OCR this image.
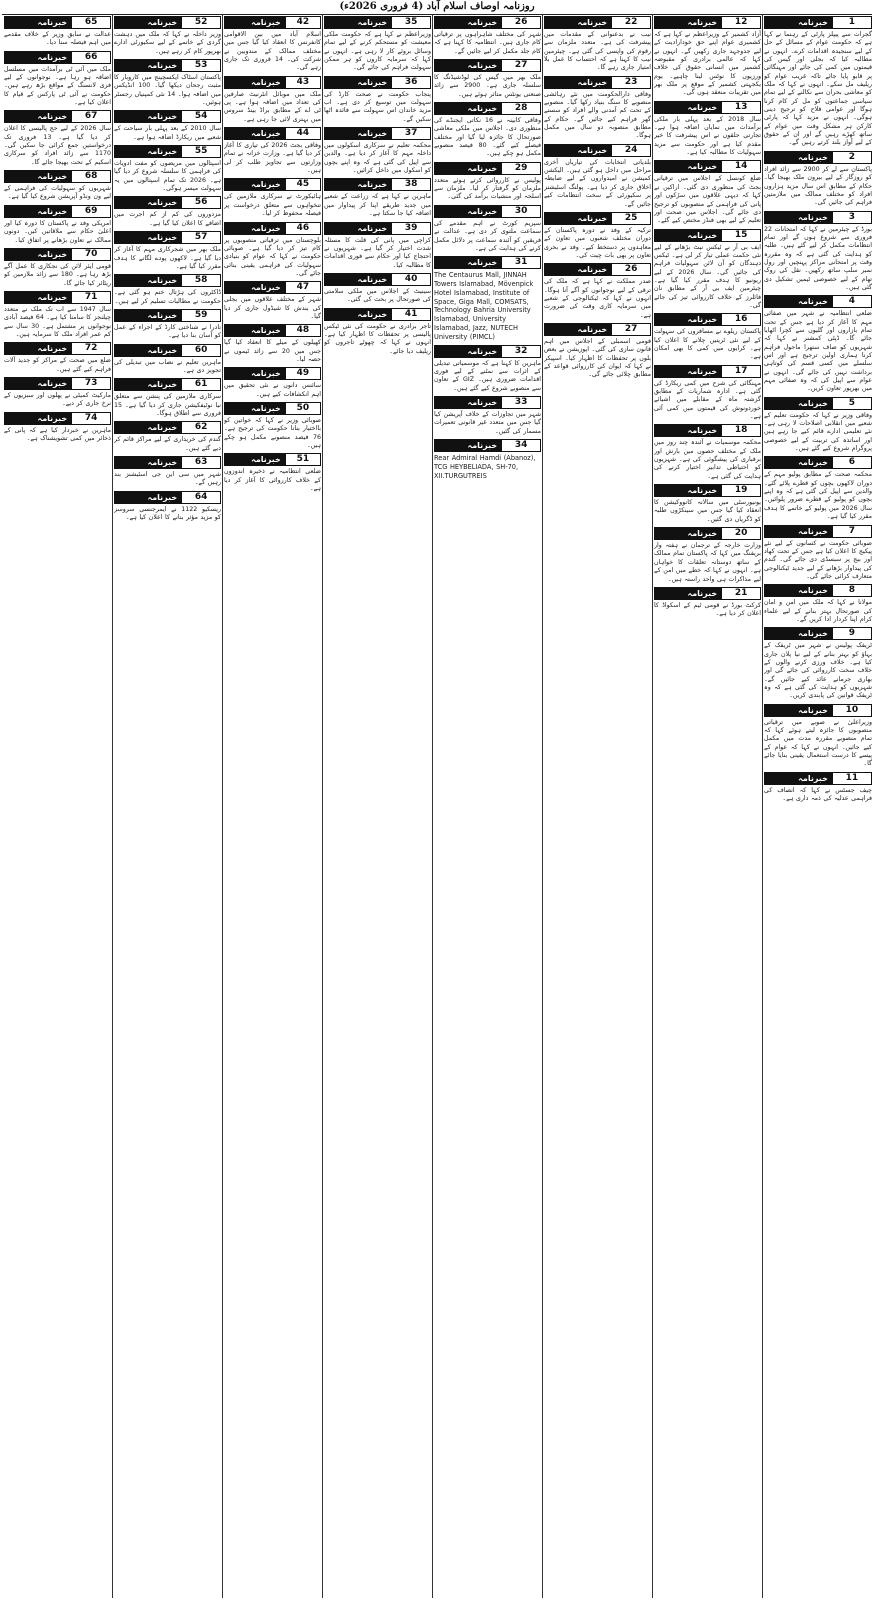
روزنامہ اوصاف اسلام آباد (4 فروری 2026ء)
خبرنامہ	1
گجرات سے پیپلز پارٹی کے رہنما نے کہا ہے کہ حکومت عوام کے مسائل کے حل کے لیے سنجیدہ اقدامات کرے۔ انہوں نے مطالبہ کیا کہ بجلی اور گیس کی قیمتوں میں کمی کی جائے اور مہنگائی پر قابو پایا جائے تاکہ غریب عوام کو ریلیف مل سکے۔ انہوں نے کہا کہ ملک کو معاشی بحران سے نکالنے کے لیے تمام سیاسی جماعتوں کو مل کر کام کرنا ہوگا اور عوامی فلاح کو ترجیح دینی ہوگی۔ انہوں نے مزید کہا کہ پارٹی کارکن ہر مشکل وقت میں عوام کے ساتھ کھڑے رہیں گے اور ان کے حقوق کے لیے آواز بلند کرتے رہیں گے۔
خبرنامہ	2
پاکستان سے لے کر 2900 سے زائد افراد کو روزگار کے لیے بیرون ملک بھیجا گیا۔ حکام کے مطابق اس سال مزید ہزاروں افراد کو مختلف ممالک میں ملازمتیں فراہم کی جائیں گی۔
خبرنامہ	3
بورڈ کے چیئرمین نے کہا کہ امتحانات 22 فروری سے شروع ہوں گے اور تمام انتظامات مکمل کر لیے گئے ہیں۔ طلبہ کو ہدایت کی گئی ہے کہ وہ مقررہ وقت پر امتحانی مراکز پہنچیں اور رول نمبر سلپ ساتھ رکھیں۔ نقل کی روک تھام کے لیے خصوصی ٹیمیں تشکیل دی گئی ہیں۔
خبرنامہ	4
ضلعی انتظامیہ نے شہر میں صفائی مہم کا آغاز کر دیا ہے جس کے تحت تمام بازاروں اور گلیوں سے کچرا اٹھایا جائے گا۔ ڈپٹی کمشنر نے کہا کہ شہریوں کو صاف ستھرا ماحول فراہم کرنا ہماری اولین ترجیح ہے اور اس سلسلے میں کسی قسم کی کوتاہی برداشت نہیں کی جائے گی۔ انہوں نے عوام سے اپیل کی کہ وہ صفائی مہم میں بھرپور تعاون کریں۔
خبرنامہ	5
وفاقی وزیر نے کہا کہ حکومت تعلیم کے شعبے میں انقلابی اصلاحات لا رہی ہے۔ نئے تعلیمی ادارے قائم کیے جا رہے ہیں اور اساتذہ کی تربیت کے لیے خصوصی پروگرام شروع کیے گئے ہیں۔
خبرنامہ	6
محکمہ صحت کے مطابق پولیو مہم کے دوران لاکھوں بچوں کو قطرے پلائے گئے۔ والدین سے اپیل کی گئی ہے کہ وہ اپنے بچوں کو پولیو کے قطرے ضرور پلوائیں۔ سال 2026 میں پولیو کے خاتمے کا ہدف مقرر کیا گیا ہے۔
خبرنامہ	7
صوبائی حکومت نے کسانوں کے لیے نئے پیکیج کا اعلان کیا ہے جس کے تحت کھاد اور بیج پر سبسڈی دی جائے گی۔ گندم کی پیداوار بڑھانے کے لیے جدید ٹیکنالوجی متعارف کرائی جائے گی۔
خبرنامہ	8
مولانا نے کہا کہ ملک میں امن و امان کی صورتحال بہتر بنانے کے لیے علماء کرام اپنا کردار ادا کریں گے۔
خبرنامہ	9
ٹریفک پولیس نے شہر میں ٹریفک کے بہاؤ کو بہتر بنانے کے لیے نیا پلان جاری کیا ہے۔ خلاف ورزی کرنے والوں کے خلاف سخت کارروائی کی جائے گی اور بھاری جرمانے عائد کیے جائیں گے۔ شہریوں کو ہدایت کی گئی ہے کہ وہ ٹریفک قوانین کی پابندی کریں۔
خبرنامہ	10
وزیراعلیٰ نے صوبے میں ترقیاتی منصوبوں کا جائزہ لیتے ہوئے کہا کہ تمام منصوبے مقررہ مدت میں مکمل کیے جائیں۔ انہوں نے کہا کہ عوام کے پیسے کا درست استعمال یقینی بنایا جائے گا۔
خبرنامہ	11
چیف جسٹس نے کہا کہ انصاف کی فراہمی عدلیہ کی ذمہ داری ہے۔
خبرنامہ	12
آزاد کشمیر کے وزیراعظم نے کہا ہے کہ کشمیری عوام اپنے حق خودارادیت کے لیے جدوجہد جاری رکھیں گے۔ انہوں نے کہا کہ عالمی برادری کو مقبوضہ کشمیر میں انسانی حقوق کی خلاف ورزیوں کا نوٹس لینا چاہیے۔ یوم یکجہتی کشمیر کے موقع پر ملک بھر میں تقریبات منعقد ہوں گی۔
خبرنامہ	13
سال 2018 کے بعد پہلی بار ملکی برآمدات میں نمایاں اضافہ ہوا ہے۔ تجارتی حلقوں نے اس پیشرفت کا خیر مقدم کیا ہے اور حکومت سے مزید سہولیات کا مطالبہ کیا ہے۔
خبرنامہ	14
ضلع کونسل کے اجلاس میں ترقیاتی بجٹ کی منظوری دی گئی۔ اراکین نے کہا کہ دیہی علاقوں میں سڑکوں اور پانی کی فراہمی کے منصوبوں کو ترجیح دی جائے گی۔ اجلاس میں صحت اور تعلیم کے لیے بھی فنڈز مختص کیے گئے۔
خبرنامہ	15
ایف بی آر نے ٹیکس نیٹ بڑھانے کے لیے نئی حکمت عملی تیار کر لی ہے۔ ٹیکس دہندگان کو آن لائن سہولیات فراہم کی جائیں گی۔ سال 2026 کے لیے ریونیو کا ہدف مقرر کیا گیا ہے۔ چیئرمین ایف بی آر کے مطابق نان فائلرز کے خلاف کارروائی تیز کی جائے گی۔
خبرنامہ	16
پاکستان ریلوے نے مسافروں کی سہولت کے لیے نئی ٹرینیں چلانے کا اعلان کیا ہے۔ کرایوں میں کمی کا بھی امکان ہے۔
خبرنامہ	17
مہنگائی کی شرح میں کمی ریکارڈ کی گئی ہے۔ ادارہ شماریات کے مطابق گزشتہ ماہ کے مقابلے میں اشیائے خوردونوش کی قیمتوں میں کمی آئی ہے۔
خبرنامہ	18
محکمہ موسمیات نے آئندہ چند روز میں ملک کے مختلف حصوں میں بارش اور برفباری کی پیشگوئی کی ہے۔ شہریوں کو احتیاطی تدابیر اختیار کرنے کی ہدایت کی گئی ہے۔
خبرنامہ	19
یونیورسٹی میں سالانہ کانووکیشن کا انعقاد کیا گیا جس میں سینکڑوں طلبہ کو ڈگریاں دی گئیں۔
خبرنامہ	20
وزارت خارجہ کے ترجمان نے ہفتہ وار بریفنگ میں کہا کہ پاکستان تمام ممالک کے ساتھ دوستانہ تعلقات کا خواہاں ہے۔ انہوں نے کہا کہ خطے میں امن کے لیے مذاکرات ہی واحد راستہ ہیں۔
خبرنامہ	21
کرکٹ بورڈ نے قومی ٹیم کے اسکواڈ کا اعلان کر دیا ہے۔
خبرنامہ	22
نیب نے بدعنوانی کے مقدمات میں پیشرفت کی ہے۔ متعدد ملزمان سے رقوم کی واپسی کی گئی ہے۔ چیئرمین نیب کا کہنا ہے کہ احتساب کا عمل بلا امتیاز جاری رہے گا۔
خبرنامہ	23
وفاقی دارالحکومت میں نئے رہائشی منصوبے کا سنگ بنیاد رکھا گیا۔ منصوبے کے تحت کم آمدنی والے افراد کو سستے گھر فراہم کیے جائیں گے۔ حکام کے مطابق منصوبہ دو سال میں مکمل ہوگا۔
خبرنامہ	24
بلدیاتی انتخابات کی تیاریاں آخری مراحل میں داخل ہو گئی ہیں۔ الیکشن کمیشن نے امیدواروں کے لیے ضابطہ اخلاق جاری کر دیا ہے۔ پولنگ اسٹیشنز پر سکیورٹی کے سخت انتظامات کیے جائیں گے۔
خبرنامہ	25
ترکیہ کے وفد نے دورہ پاکستان کے دوران مختلف شعبوں میں تعاون کے معاہدوں پر دستخط کیے۔ وفد نے بحری تعاون پر بھی بات چیت کی۔
خبرنامہ	26
صدر مملکت نے کہا ہے کہ ملک کی ترقی کے لیے نوجوانوں کو آگے آنا ہوگا۔ انہوں نے کہا کہ ٹیکنالوجی کے شعبے میں سرمایہ کاری وقت کی ضرورت ہے۔
خبرنامہ	27
قومی اسمبلی کے اجلاس میں اہم قانون سازی کی گئی۔ اپوزیشن نے بعض بلوں پر تحفظات کا اظہار کیا۔ اسپیکر نے کہا کہ ایوان کی کارروائی قواعد کے مطابق چلائی جائے گی۔
خبرنامہ	26
شہر کی مختلف شاہراہوں پر ترقیاتی کام جاری ہیں۔ انتظامیہ کا کہنا ہے کہ کام جلد مکمل کر لیے جائیں گے۔
خبرنامہ	27
ملک بھر میں گیس کی لوڈشیڈنگ کا سلسلہ جاری ہے۔ 2900 سے زائد صنعتی یونٹس متاثر ہوئے ہیں۔
خبرنامہ	28
وفاقی کابینہ نے 16 نکاتی ایجنڈے کی منظوری دی۔ اجلاس میں ملکی معاشی صورتحال کا جائزہ لیا گیا اور مختلف فیصلے کیے گئے۔ 80 فیصد منصوبے مکمل ہو چکے ہیں۔
خبرنامہ	29
پولیس نے کارروائی کرتے ہوئے متعدد ملزمان کو گرفتار کر لیا۔ ملزمان سے اسلحہ اور منشیات برآمد کی گئی۔
خبرنامہ	30
سپریم کورٹ نے اہم مقدمے کی سماعت ملتوی کر دی ہے۔ عدالت نے فریقین کو آئندہ سماعت پر دلائل مکمل کرنے کی ہدایت کی ہے۔
خبرنامہ	31
The Centaurus Mall, JINNAH Towers Islamabad, Mövenpick Hotel Islamabad, Institute of Space, Giga Mall, COMSATS, Technology Bahria University Islamabad, University Islamabad, Jazz, NUTECH University (PIMCL)
خبرنامہ	32
ماہرین کا کہنا ہے کہ موسمیاتی تبدیلی کے اثرات سے نمٹنے کے لیے فوری اقدامات ضروری ہیں۔ GIZ کے تعاون سے منصوبے شروع کیے گئے ہیں۔
خبرنامہ	33
شہر میں تجاوزات کے خلاف آپریشن کیا گیا جس میں متعدد غیر قانونی تعمیرات مسمار کی گئیں۔
خبرنامہ	34
Rear Admiral Hamdi (Abanoz), TCG HEYBELIADA, SH-70, XII.TURGUTREIS
خبرنامہ	35
وزیراعظم نے کہا ہے کہ حکومت ملکی معیشت کو مستحکم کرنے کے لیے تمام وسائل بروئے کار لا رہی ہے۔ انہوں نے کہا کہ سرمایہ کاروں کو ہر ممکن سہولت فراہم کی جائے گی۔
خبرنامہ	36
پنجاب حکومت نے صحت کارڈ کی سہولت میں توسیع کر دی ہے۔ اب مزید خاندان اس سہولت سے فائدہ اٹھا سکیں گے۔
خبرنامہ	37
محکمہ تعلیم نے سرکاری اسکولوں میں داخلہ مہم کا آغاز کر دیا ہے۔ والدین سے اپیل کی گئی ہے کہ وہ اپنے بچوں کو اسکول میں داخل کرائیں۔
خبرنامہ	38
ماہرین نے کہا ہے کہ زراعت کے شعبے میں جدید طریقے اپنا کر پیداوار میں اضافہ کیا جا سکتا ہے۔
خبرنامہ	39
کراچی میں پانی کی قلت کا مسئلہ شدت اختیار کر گیا ہے۔ شہریوں نے احتجاج کیا اور حکام سے فوری اقدامات کا مطالبہ کیا۔
خبرنامہ	40
سینیٹ کے اجلاس میں ملکی سلامتی کی صورتحال پر بحث کی گئی۔
خبرنامہ	41
تاجر برادری نے حکومت کی نئی ٹیکس پالیسی پر تحفظات کا اظہار کیا ہے۔ انہوں نے کہا کہ چھوٹے تاجروں کو ریلیف دیا جائے۔
خبرنامہ	42
اسلام آباد میں بین الاقوامی کانفرنس کا انعقاد کیا گیا جس میں مختلف ممالک کے مندوبین نے شرکت کی۔ 14 فروری تک جاری رہے گی۔
خبرنامہ	43
ملک میں موبائل انٹرنیٹ صارفین کی تعداد میں اضافہ ہوا ہے۔ پی ٹی اے کے مطابق براڈ بینڈ سروس میں بہتری لائی جا رہی ہے۔
خبرنامہ	44
وفاقی بجٹ 2026 کی تیاری کا آغاز کر دیا گیا ہے۔ وزارت خزانہ نے تمام وزارتوں سے تجاویز طلب کر لی ہیں۔
خبرنامہ	45
ہائیکورٹ نے سرکاری ملازمین کی تنخواہوں سے متعلق درخواست پر فیصلہ محفوظ کر لیا۔
خبرنامہ	46
بلوچستان میں ترقیاتی منصوبوں پر کام تیز کر دیا گیا ہے۔ صوبائی حکومت نے کہا کہ عوام کو بنیادی سہولیات کی فراہمی یقینی بنائی جائے گی۔
خبرنامہ	47
شہر کے مختلف علاقوں میں بجلی کی بندش کا شیڈول جاری کر دیا گیا۔
خبرنامہ	48
کھیلوں کے میلے کا انعقاد کیا گیا جس میں 20 سے زائد ٹیموں نے حصہ لیا۔
خبرنامہ	49
سائنس دانوں نے نئی تحقیق میں اہم انکشافات کیے ہیں۔
خبرنامہ	50
صوبائی وزیر نے کہا کہ خواتین کو بااختیار بنانا حکومت کی ترجیح ہے۔ 76 فیصد منصوبے مکمل ہو چکے ہیں۔
خبرنامہ	51
ضلعی انتظامیہ نے ذخیرہ اندوزوں کے خلاف کارروائی کا آغاز کر دیا ہے۔
خبرنامہ	52
وزیر داخلہ نے کہا کہ ملک میں دہشت گردی کے خاتمے کے لیے سکیورٹی ادارے بھرپور کام کر رہے ہیں۔
خبرنامہ	53
پاکستان اسٹاک ایکسچینج میں کاروبار کا مثبت رجحان دیکھا گیا۔ 100 انڈیکس میں اضافہ ہوا۔ 14 نئی کمپنیاں رجسٹر ہوئیں۔
خبرنامہ	54
سال 2010 کے بعد پہلی بار سیاحت کے شعبے میں ریکارڈ اضافہ ہوا ہے۔
خبرنامہ	55
اسپتالوں میں مریضوں کو مفت ادویات کی فراہمی کا سلسلہ شروع کر دیا گیا ہے۔ 2026 تک تمام اسپتالوں میں یہ سہولت میسر ہوگی۔
خبرنامہ	56
مزدوروں کی کم از کم اجرت میں اضافے کا اعلان کیا گیا ہے۔
خبرنامہ	57
ملک بھر میں شجرکاری مہم کا آغاز کر دیا گیا ہے۔ لاکھوں پودے لگانے کا ہدف مقرر کیا گیا ہے۔
خبرنامہ	58
ڈاکٹروں کی ہڑتال ختم ہو گئی ہے۔ حکومت نے مطالبات تسلیم کر لیے ہیں۔
خبرنامہ	59
نادرا نے شناختی کارڈ کے اجراء کے عمل کو آسان بنا دیا ہے۔
خبرنامہ	60
ماہرین تعلیم نے نصاب میں تبدیلی کی تجویز دی ہے۔
خبرنامہ	61
سرکاری ملازمین کی پنشن سے متعلق نیا نوٹیفکیشن جاری کر دیا گیا ہے۔ 15 فروری سے اطلاق ہوگا۔
خبرنامہ	62
گندم کی خریداری کے لیے مراکز قائم کر دیے گئے ہیں۔
خبرنامہ	63
شہر میں سی این جی اسٹیشنز بند رہیں گے۔
خبرنامہ	64
ریسکیو 1122 نے ایمرجنسی سروسز کو مزید مؤثر بنانے کا اعلان کیا ہے۔
خبرنامہ	65
عدالت نے سابق وزیر کے خلاف مقدمے میں اہم فیصلہ سنا دیا۔
خبرنامہ	66
ملک میں آئی ٹی برآمدات میں مسلسل اضافہ ہو رہا ہے۔ نوجوانوں کے لیے فری لانسنگ کے مواقع بڑھ رہے ہیں۔ حکومت نے آئی ٹی پارکس کے قیام کا اعلان کیا ہے۔
خبرنامہ	67
سال 2026 کے لیے حج پالیسی کا اعلان کر دیا گیا ہے۔ 13 فروری تک درخواستیں جمع کرائی جا سکیں گی۔ 1170 سے زائد افراد کو سرکاری اسکیم کے تحت بھیجا جائے گا۔
خبرنامہ	68
شہریوں کو سہولیات کی فراہمی کے لیے ون ونڈو آپریشن شروع کیا گیا ہے۔
خبرنامہ	69
امریکی وفد نے پاکستان کا دورہ کیا اور اعلیٰ حکام سے ملاقاتیں کیں۔ دونوں ممالک نے تعاون بڑھانے پر اتفاق کیا۔
خبرنامہ	70
قومی ایئر لائن کی نجکاری کا عمل آگے بڑھ رہا ہے۔ 180 سے زائد ملازمین کو ریٹائر کیا جائے گا۔
خبرنامہ	71
سال 1947 سے اب تک ملک نے متعدد چیلنجز کا سامنا کیا ہے۔ 64 فیصد آبادی نوجوانوں پر مشتمل ہے۔ 30 سال سے کم عمر افراد ملک کا سرمایہ ہیں۔
خبرنامہ	72
ضلع میں صحت کے مراکز کو جدید آلات فراہم کیے گئے ہیں۔
خبرنامہ	73
مارکیٹ کمیٹی نے پھلوں اور سبزیوں کے نرخ جاری کر دیے۔
خبرنامہ	74
ماہرین نے خبردار کیا ہے کہ پانی کے ذخائر میں کمی تشویشناک ہے۔
